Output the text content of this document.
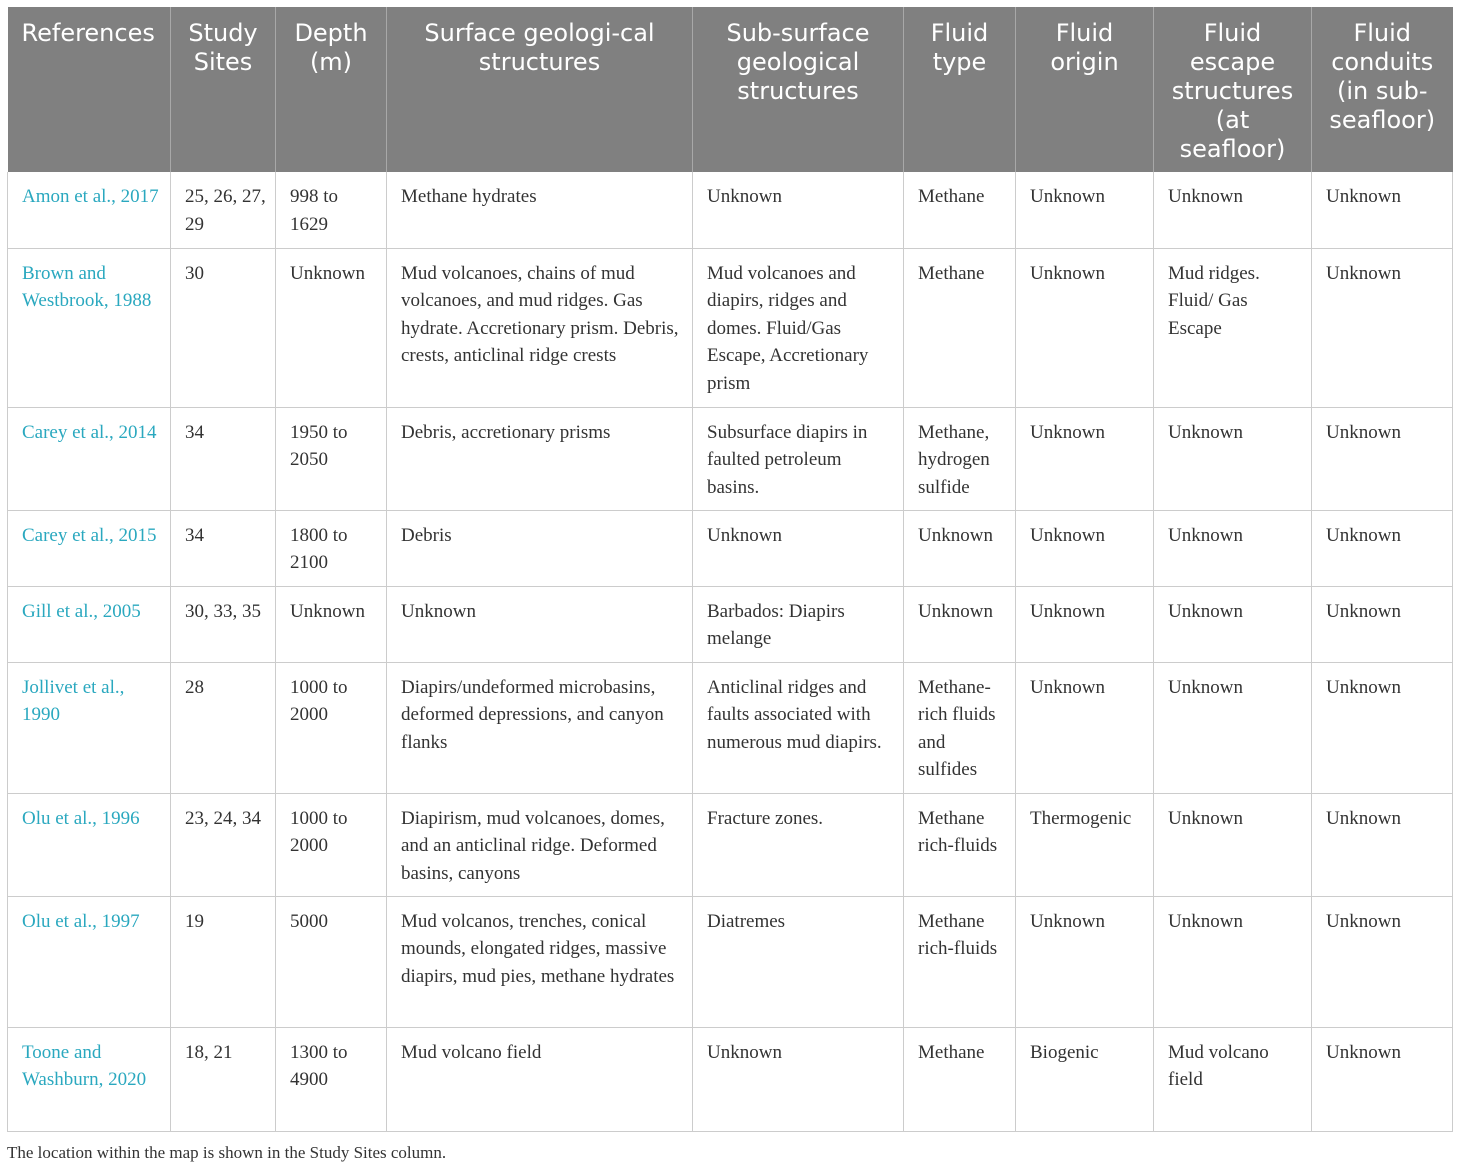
References	Study Sites	Depth (m)	Surface geologi-cal structures	Sub-surface geological structures	Fluid type	Fluid origin	Fluid escape structures (at seafloor)	Fluid conduits (in sub-seafloor)
Amon et al., 2017	25, 26, 27, 29	998 to 1629	Methane hydrates	Unknown	Methane	Unknown	Unknown	Unknown
Brown and Westbrook, 1988	30	Unknown	Mud volcanoes, chains of mud volcanoes, and mud ridges. Gas hydrate. Accretionary prism. Debris, crests, anticlinal ridge crests	Mud volcanoes and diapirs, ridges and domes. Fluid/Gas Escape, Accretionary prism	Methane	Unknown	Mud ridges. Fluid/ Gas Escape	Unknown
Carey et al., 2014	34	1950 to 2050	Debris, accretionary prisms	Subsurface diapirs in faulted petroleum basins.	Methane, hydrogen sulfide	Unknown	Unknown	Unknown
Carey et al., 2015	34	1800 to 2100	Debris	Unknown	Unknown	Unknown	Unknown	Unknown
Gill et al., 2005	30, 33, 35	Unknown	Unknown	Barbados: Diapirs melange	Unknown	Unknown	Unknown	Unknown
Jollivet et al., 1990	28	1000 to 2000	Diapirs/undeformed microbasins, deformed depressions, and canyon flanks	Anticlinal ridges and faults associated with numerous mud diapirs.	Methane-rich fluids and sulfides	Unknown	Unknown	Unknown
Olu et al., 1996	23, 24, 34	1000 to 2000	Diapirism, mud volcanoes, domes, and an anticlinal ridge. Deformed basins, canyons	Fracture zones.	Methane rich-fluids	Thermogenic	Unknown	Unknown
Olu et al., 1997	19	5000	Mud volcanos, trenches, conical mounds, elongated ridges, massive diapirs, mud pies, methane hydrates	Diatremes	Methane rich-fluids	Unknown	Unknown	Unknown
Toone and Washburn, 2020	18, 21	1300 to 4900	Mud volcano field	Unknown	Methane	Biogenic	Mud volcano field	Unknown
The location within the map is shown in the Study Sites column.
